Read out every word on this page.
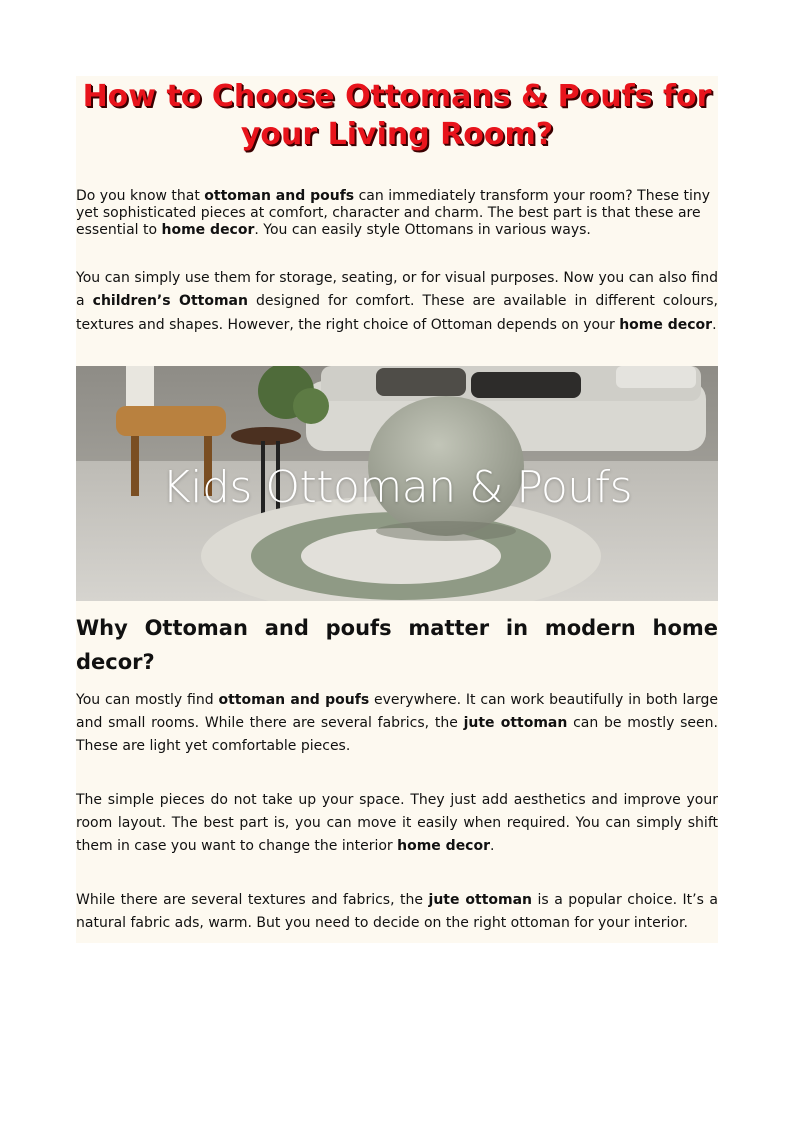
How to Choose Ottomans & Poufs for your Living Room?

Do you know that ottoman and poufs can immediately transform your room? These tiny yet sophisticated pieces at comfort, character and charm. The best part is that these are essential to home decor. You can easily style Ottomans in various ways.

You can simply use them for storage, seating, or for visual purposes. Now you can also find a children’s Ottoman designed for comfort. These are available in different colours, textures and shapes. However, the right choice of Ottoman depends on your home decor.

Kids Ottoman & Poufs
Why Ottoman and poufs matter in modern home decor?

You can mostly find ottoman and poufs everywhere. It can work beautifully in both large and small rooms. While there are several fabrics, the jute ottoman can be mostly seen. These are light yet comfortable pieces.

The simple pieces do not take up your space. They just add aesthetics and improve your room layout. The best part is, you can move it easily when required. You can simply shift them in case you want to change the interior home decor.

While there are several textures and fabrics, the jute ottoman is a popular choice. It’s a natural fabric ads, warm. But you need to decide on the right ottoman for your interior.
